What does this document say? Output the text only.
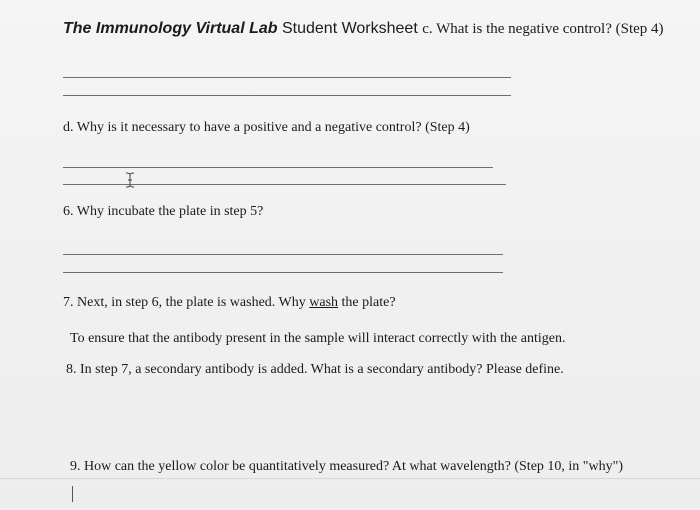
The Immunology Virtual Lab Student Worksheet c. What is the negative control? (Step 4)
d. Why is it necessary to have a positive and a negative control? (Step 4)
6. Why incubate the plate in step 5?
7. Next, in step 6, the plate is washed. Why wash the plate?
To ensure that the antibody present in the sample will interact correctly with the antigen.
8. In step 7, a secondary antibody is added. What is a secondary antibody? Please define.
9. How can the yellow color be quantitatively measured? At what wavelength? (Step 10, in "why")
